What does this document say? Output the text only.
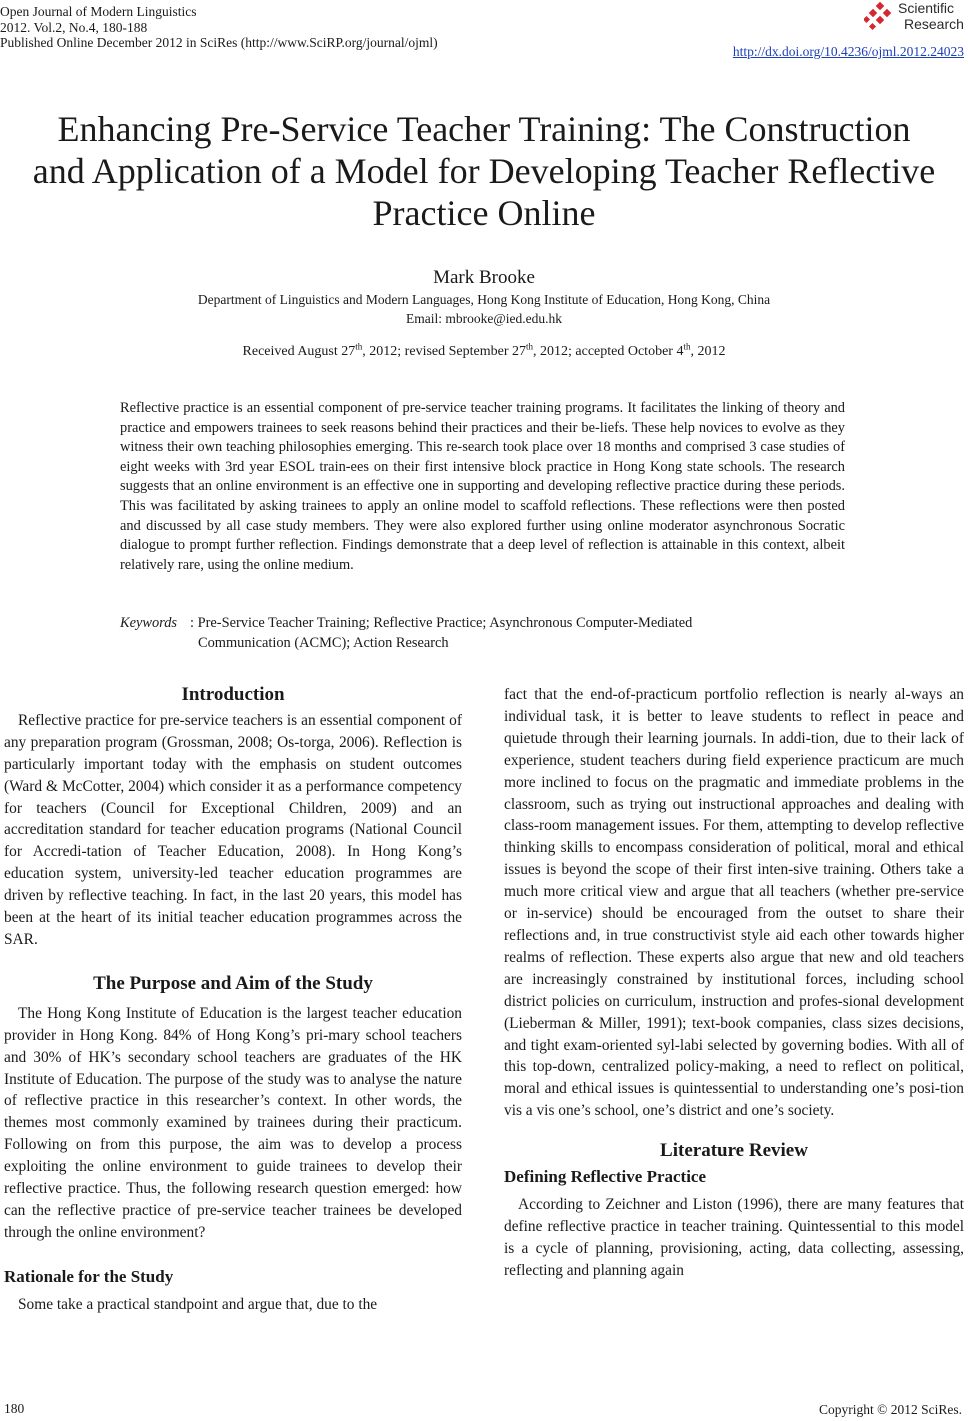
Open Journal of Modern Linguistics
2012. Vol.2, No.4, 180-188
Published Online December 2012 in SciRes (http://www.SciRP.org/journal/ojml)
Scientific
Research
http://dx.doi.org/10.4236/ojml.2012.24023
Enhancing Pre-Service Teacher Training: The Construction
and Application of a Model for Developing Teacher Reflective
Practice Online
Mark Brooke
Department of Linguistics and Modern Languages, Hong Kong Institute of Education, Hong Kong, China
Email: mbrooke@ied.edu.hk
Received August 27th, 2012; revised September 27th, 2012; accepted October 4th, 2012
Reflective practice is an essential component of pre-service teacher training programs. It facilitates the linking of theory and practice and empowers trainees to seek reasons behind their practices and their be-liefs. These help novices to evolve as they witness their own teaching philosophies emerging. This re-search took place over 18 months and comprised 3 case studies of eight weeks with 3rd year ESOL train-ees on their first intensive block practice in Hong Kong state schools. The research suggests that an online environment is an effective one in supporting and developing reflective practice during these periods. This was facilitated by asking trainees to apply an online model to scaffold reflections. These reflections were then posted and discussed by all case study members. They were also explored further using online moderator asynchronous Socratic dialogue to prompt further reflection. Findings demonstrate that a deep level of reflection is attainable in this context, albeit relatively rare, using the online medium.
Keywords : Pre-Service Teacher Training; Reflective Practice; Asynchronous Computer-Mediated
Communication (ACMC); Action Research
Introduction

Reflective practice for pre-service teachers is an essential component of any preparation program (Grossman, 2008; Os-torga, 2006). Reflection is particularly important today with the emphasis on student outcomes (Ward & McCotter, 2004) which consider it as a performance competency for teachers (Council for Exceptional Children, 2009) and an accreditation standard for teacher education programs (National Council for Accredi-tation of Teacher Education, 2008). In Hong Kong’s education system, university-led teacher education programmes are driven by reflective teaching. In fact, in the last 20 years, this model has been at the heart of its initial teacher education programmes across the SAR.

The Purpose and Aim of the Study

The Hong Kong Institute of Education is the largest teacher education provider in Hong Kong. 84% of Hong Kong’s pri-mary school teachers and 30% of HK’s secondary school teachers are graduates of the HK Institute of Education. The purpose of the study was to analyse the nature of reflective practice in this researcher’s context. In other words, the themes most commonly examined by trainees during their practicum. Following on from this purpose, the aim was to develop a process exploiting the online environment to guide trainees to develop their reflective practice. Thus, the following research question emerged: how can the reflective practice of pre-service teacher trainees be developed through the online environment?

Rationale for the Study

Some take a practical standpoint and argue that, due to the

fact that the end-of-practicum portfolio reflection is nearly al-ways an individual task, it is better to leave students to reflect in peace and quietude through their learning journals. In addi-tion, due to their lack of experience, student teachers during field experience practicum are much more inclined to focus on the pragmatic and immediate problems in the classroom, such as trying out instructional approaches and dealing with class-room management issues. For them, attempting to develop reflective thinking skills to encompass consideration of political, moral and ethical issues is beyond the scope of their first inten-sive training. Others take a much more critical view and argue that all teachers (whether pre-service or in-service) should be encouraged from the outset to share their reflections and, in true constructivist style aid each other towards higher realms of reflection. These experts also argue that new and old teachers are increasingly constrained by institutional forces, including school district policies on curriculum, instruction and profes-sional development (Lieberman & Miller, 1991); text-book companies, class sizes decisions, and tight exam-oriented syl-labi selected by governing bodies. With all of this top-down, centralized policy-making, a need to reflect on political, moral and ethical issues is quintessential to understanding one’s posi-tion vis a vis one’s school, one’s district and one’s society.

Literature Review
Defining Reflective Practice

According to Zeichner and Liston (1996), there are many features that define reflective practice in teacher training. Quintessential to this model is a cycle of planning, provisioning, acting, data collecting, assessing, reflecting and planning again

180	Copyright © 2012 SciRes.
